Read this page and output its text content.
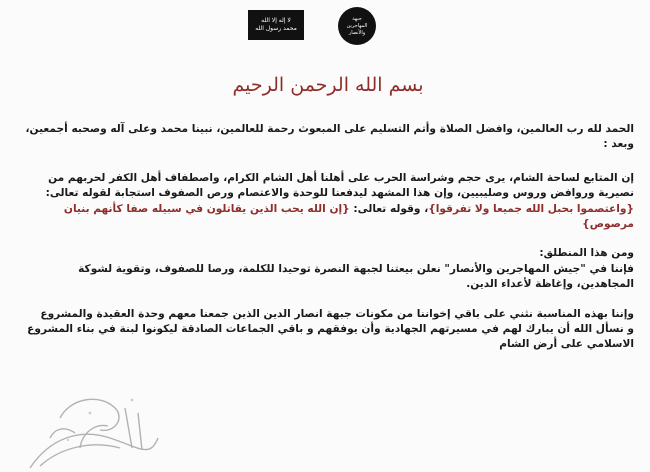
لا إله إلا الله
محمد رسول الله
جبهة
المهاجرين والأنصار
بسم الله الرحمن الرحيم

الحمد لله رب العالمين، وافضل الصلاة وأتم التسليم على المبعوث رحمة للعالمين، نبينا محمد وعلى آله وصحبه أجمعين،

وبعد :

إن المتابع لساحة الشام، يرى حجم وشراسة الحرب على أهلنا أهل الشام الكرام، واصطفاف أهل الكفر لحربهم من

نصيرية وروافض وروس وصليبيين، وإن هذا المشهد ليدفعنا للوحدة والاعتصام ورص الصفوف استجابة لقوله تعالى:

{واعتصموا بحبل الله جميعا ولا تفرقوا}، وقوله تعالى: {إن الله يحب الذين يقاتلون في سبيله صفا كأنهم بنيان

مرصوص}

ومن هذا المنطلق:

فإننا في "جيش المهاجرين والأنصار" نعلن بيعتنا لجبهة النصرة توحيدا للكلمة، ورصا للصفوف، وتقوية لشوكة

المجاهدين، وإغاظة لأعداء الدين.

وإننا بهذه المناسبة نثني على باقي إخواننا من مكونات جبهة انصار الدين الذين جمعنا معهم وحدة العقيدة والمشروع

و نسأل الله أن يبارك لهم في مسيرتهم الجهادية وأن يوفقهم و باقي الجماعات الصادقة ليكونوا لبنة في بناء المشروع

الاسلامي على أرض الشام
